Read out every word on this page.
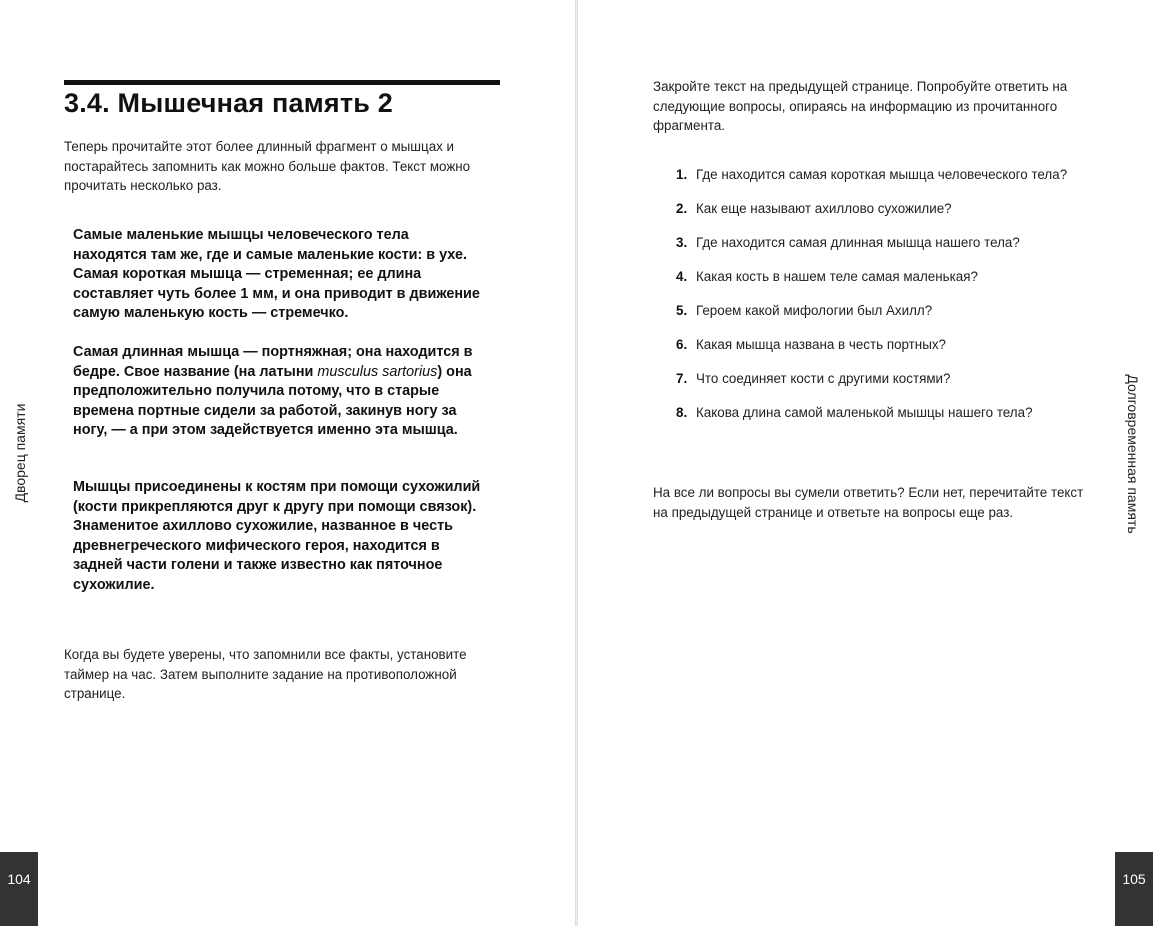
3.4. Мышечная память 2

Теперь прочитайте этот более длинный фрагмент о мышцах и постарайтесь запомнить как можно больше фактов. Текст можно прочитать несколько раз.

Самые маленькие мышцы человеческого тела находятся там же, где и самые маленькие кости: в ухе. Самая короткая мышца — стременная; ее длина составляет чуть более 1 мм, и она приводит в движение самую маленькую кость — стремечко.

Самая длинная мышца — портняжная; она находится в бедре. Свое название (на латыни musculus sartorius) она предположительно получила потому, что в старые времена портные сидели за работой, закинув ногу за ногу, — а при этом задействуется именно эта мышца.

Мышцы присоединены к костям при помощи сухожилий (кости прикрепляются друг к другу при помощи связок). Знаменитое ахиллово сухожилие, названное в честь древнегреческого мифического героя, находится в задней части голени и также известно как пяточное сухожилие.

Когда вы будете уверены, что запомнили все факты, установите таймер на час. Затем выполните задание на противоположной странице.

Дворец памяти
104

Закройте текст на предыдущей странице. Попробуйте ответить на следующие вопросы, опираясь на информацию из прочитанного фрагмента.

1. Где находится самая короткая мышца человеческого тела?
2. Как еще называют ахиллово сухожилие?
3. Где находится самая длинная мышца нашего тела?
4. Какая кость в нашем теле самая маленькая?
5. Героем какой мифологии был Ахилл?
6. Какая мышца названа в честь портных?
7. Что соединяет кости с другими костями?
8. Какова длина самой маленькой мышцы нашего тела?

На все ли вопросы вы сумели ответить? Если нет, перечитайте текст на предыдущей странице и ответьте на вопросы еще раз.	Долговременная память
105
